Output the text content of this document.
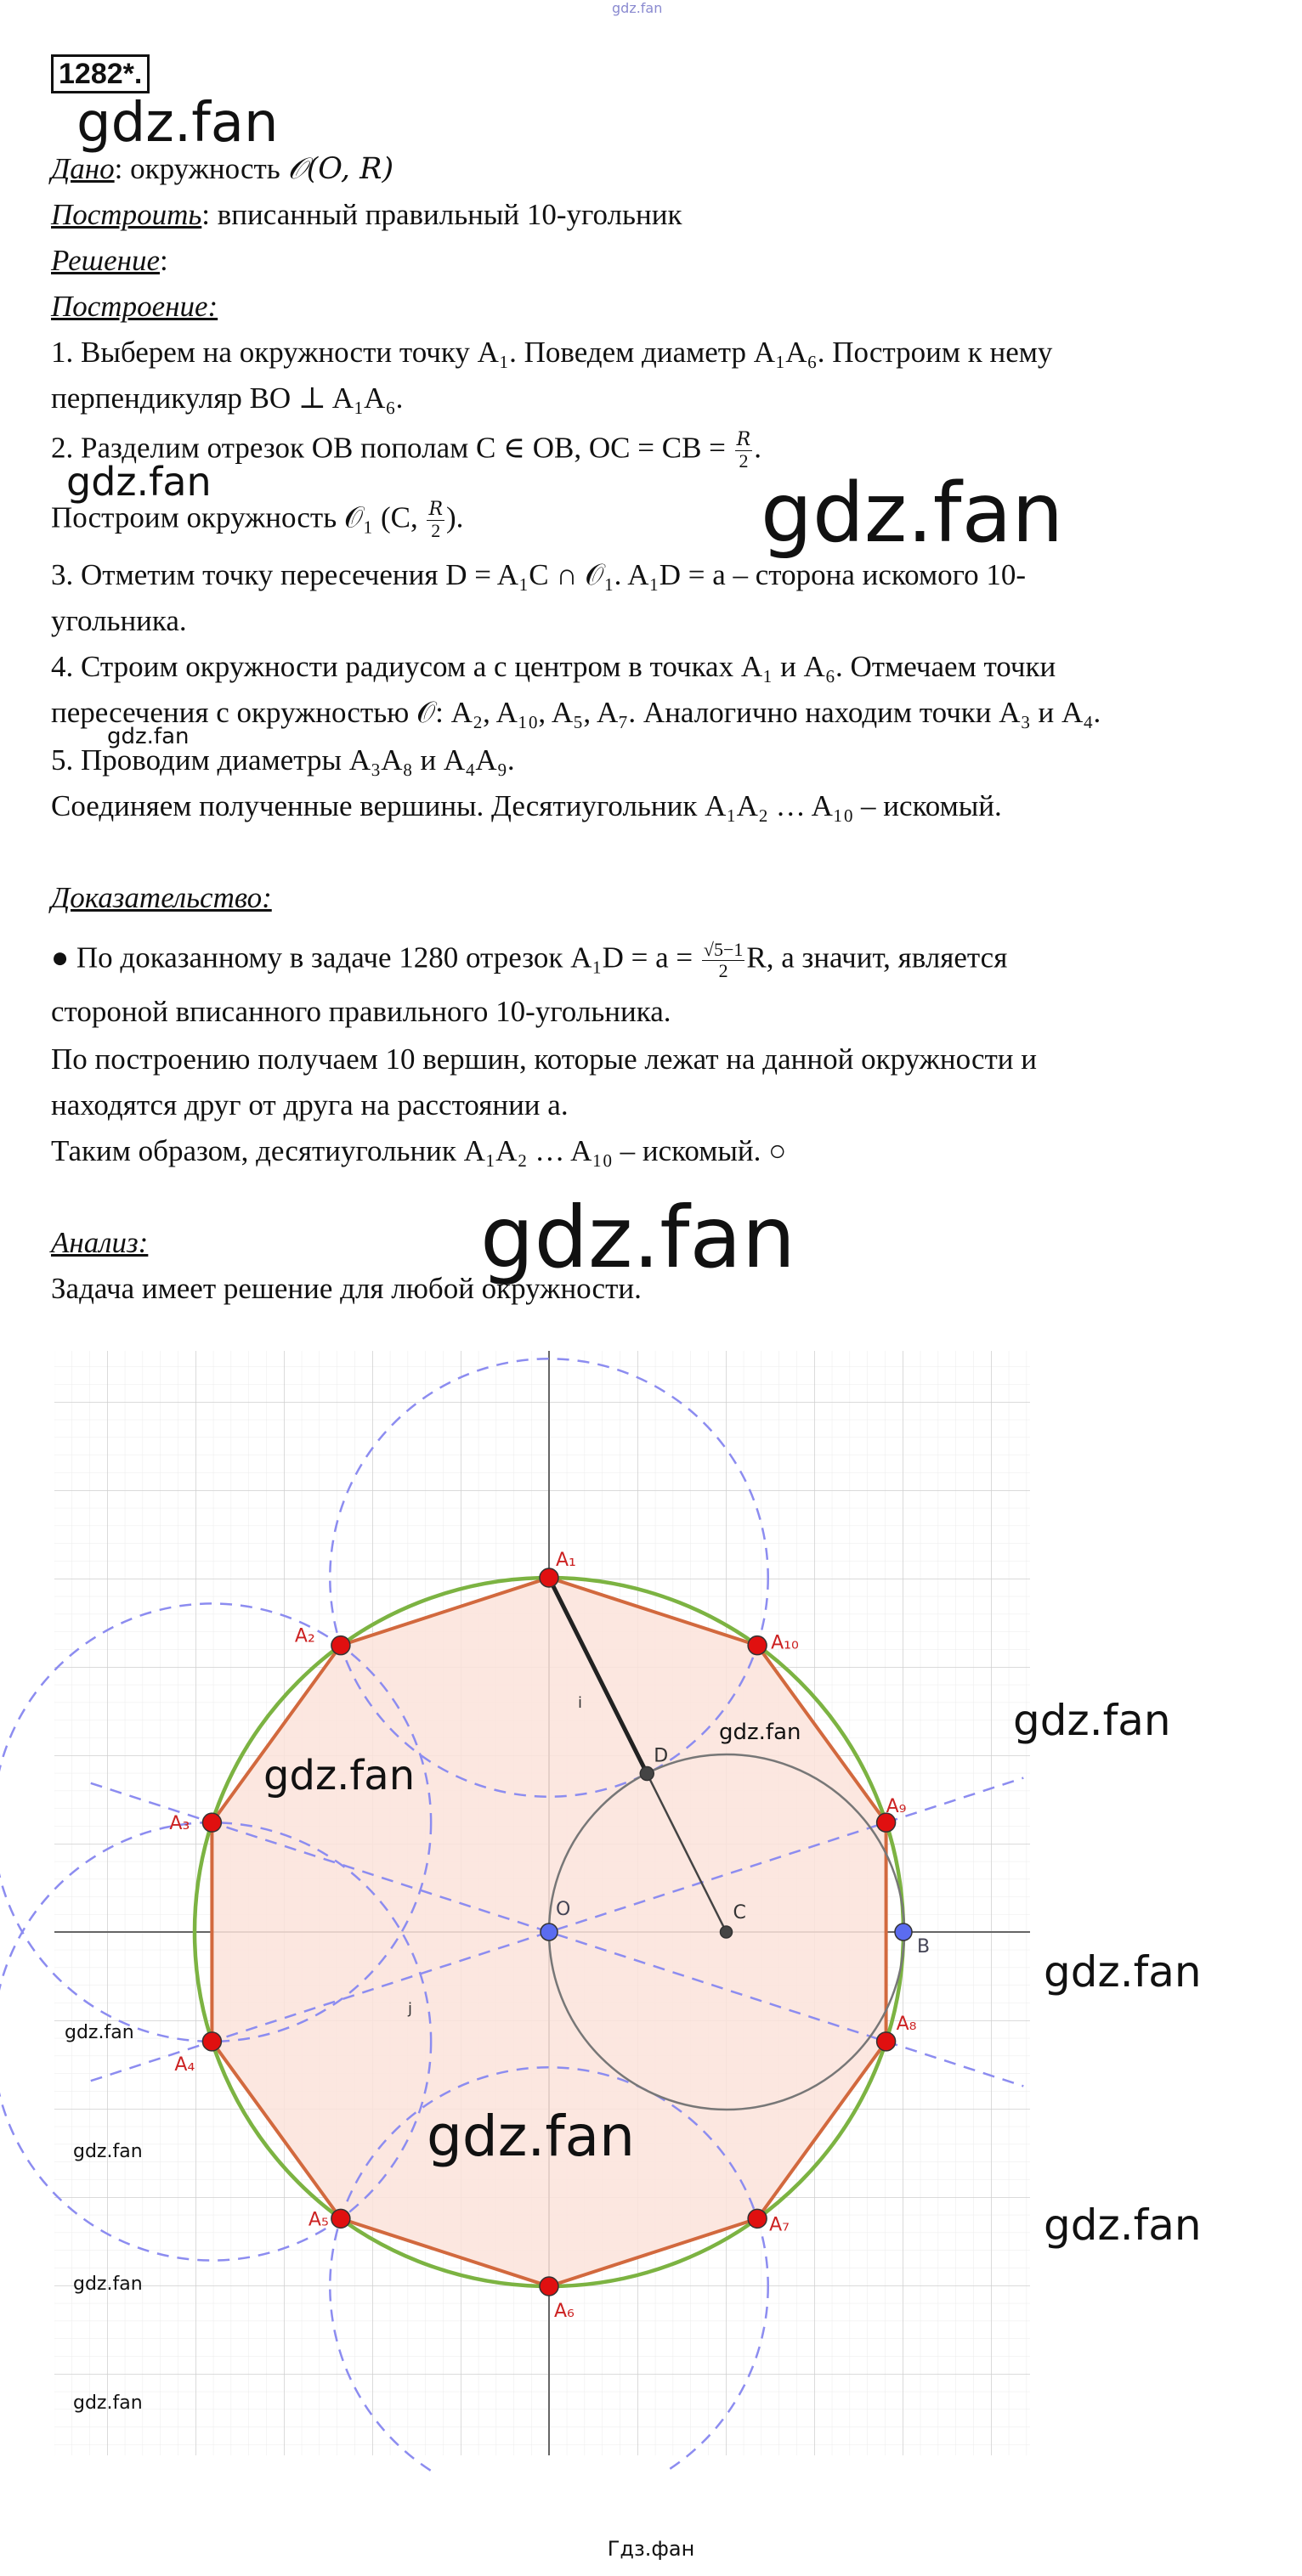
gdz.fan
1282*.
gdz.fan
Дано: окружность 𝒪(O, R)
Построить: вписанный правильный 10-угольник
Решение:
Построение:
1. Выберем на окружности точку A₁. Поведем диаметр A₁A₆. Построим к нему
перпендикуляр BO ⊥ A₁A₆.
2. Разделим отрезок OB пополам C ∈ OB, OC = CB = $\frac{R}{2}$ .
gdz.fan
Построим окружность 𝒪₁ (C, $\frac{R}{2}$ ).	gdz.fan
3. Отметим точку пересечения D = A₁C ∩ 𝒪₁. A₁D = a – сторона искомого 10-
угольника.
4. Строим окружности радиусом a с центром в точках A₁ и A₆. Отмечаем точки
пересечения с окружностью 𝒪: A₂, A₁₀, A₅, A₇. Аналогично находим точки A₃ и A₄.
gdz.fan
5. Проводим диаметры A₃A₈ и A₄A₉.
Соединяем полученные вершины. Десятиугольник A₁A₂ … A₁₀ – искомый.
Доказательство:
● По доказанному в задаче 1280 отрезок $A_1D = a = \frac{√5-1}{2} R$, а значит, является
стороной вписанного правильного 10-угольника.
По построению получаем 10 вершин, которые лежат на данной окружности и
находятся друг от друга на расстоянии a.
Таким образом, десятиугольник A₁A₂ … A₁₀ – искомый. ○
Анализ:	gdz.fan
Задача имеет решение для любой окружности.
A₁
A₂
A₃
A₄
A₅
A₆
A₇
A₈
A₉
A₁₀
O
B
C
D
i
j
gdz.fan
gdz.fan	gdz.fan
gdz.fan
gdz.fan
gdz.fan	gdz.fan
gdz.fan
gdz.fan
gdz.fan
Гдз.фан
